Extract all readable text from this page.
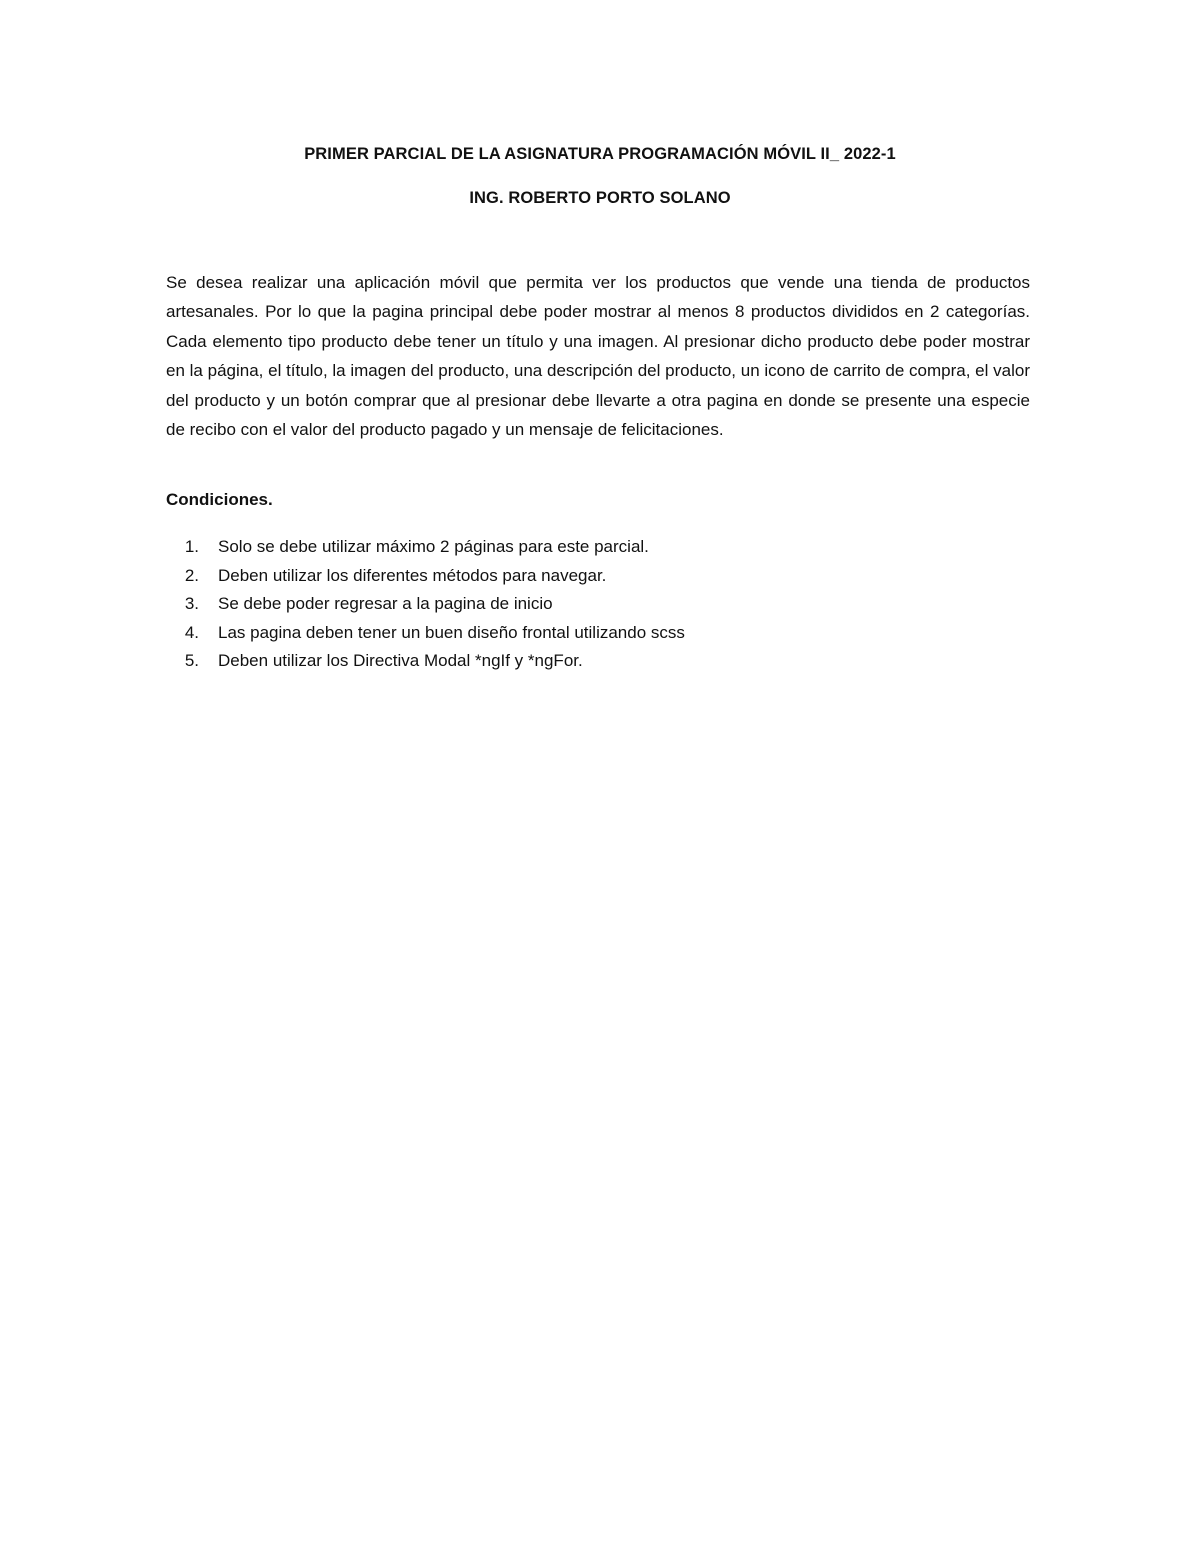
PRIMER PARCIAL DE LA ASIGNATURA PROGRAMACIÓN MÓVIL II_ 2022-1
ING. ROBERTO PORTO SOLANO

Se desea realizar una aplicación móvil que permita ver los productos que vende una tienda de productos artesanales. Por lo que la pagina principal debe poder mostrar al menos 8 productos divididos en 2 categorías. Cada elemento tipo producto debe tener un título y una imagen. Al presionar dicho producto debe poder mostrar en la página, el título, la imagen del producto, una descripción del producto, un icono de carrito de compra, el valor del producto y un botón comprar que al presionar debe llevarte a otra pagina en donde se presente una especie de recibo con el valor del producto pagado y un mensaje de felicitaciones.

Condiciones.
1.	Solo se debe utilizar máximo 2 páginas para este parcial.
2.	Deben utilizar los diferentes métodos para navegar.
3.	Se debe poder regresar a la pagina de inicio
4.	Las pagina deben tener un buen diseño frontal utilizando scss
5.	Deben utilizar los Directiva Modal *ngIf y *ngFor.
